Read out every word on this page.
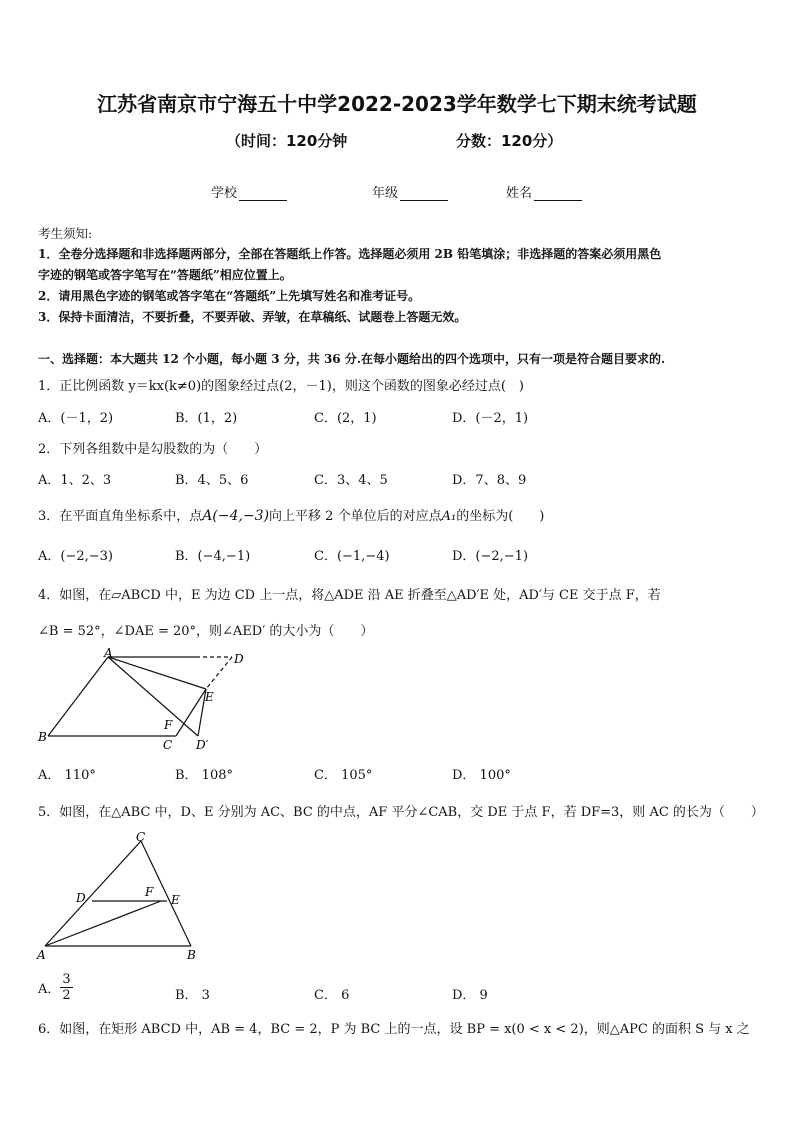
江苏省南京市宁海五十中学2022-2023学年数学七下期末统考试题
（时间：120分钟	分数：120分）
学校	年级	姓名
考生须知:
1．全卷分选择题和非选择题两部分，全部在答题纸上作答。选择题必须用 2B 铅笔填涂；非选择题的答案必须用黑色
字迹的钢笔或答字笔写在“答题纸”相应位置上。
2．请用黑色字迹的钢笔或答字笔在“答题纸”上先填写姓名和准考证号。
3．保持卡面清洁，不要折叠，不要弄破、弄皱，在草稿纸、试题卷上答题无效。
一、选择题：本大题共 12 个小题，每小题 3 分，共 36 分.在每小题给出的四个选项中，只有一项是符合题目要求的.
1．正比例函数 y＝kx(k≠0)的图象经过点(2，－1)，则这个函数的图象必经过点(　)
A．(－1，2)	B．(1，2)	C．(2，1)	D．(－2，1)
2．下列各组数中是勾股数的为（　　）
A．1、2、3	B．4、5、6	C．3、4、5	D．7、8、9
3．在平面直角坐标系中，点A(−4,−3)向上平移 2 个单位后的对应点A₁的坐标为(　　)
A．(−2,−3)	B．(−4,−1)	C．(−1,−4)	D．(−2,−1)
4．如图，在▱ABCD 中，E 为边 CD 上一点，将△ADE 沿 AE 折叠至△AD′E 处，AD′与 CE 交于点 F，若
∠B = 52°，∠DAE = 20°，则∠AED′ 的大小为（　　）
A	D
E
F
B
C D′
A． 110°	B． 108°	C． 105°	D． 100°
5．如图，在△ABC 中，D、E 分别为 AC、BC 的中点，AF 平分∠CAB，交 DE 于点 F，若 DF=3，则 AC 的长为（　　）
C
D	F
E
A	B
A． $\frac{3}{2}$	B． 3	C． 6	D． 9
6．如图，在矩形 ABCD 中，AB = 4，BC = 2，P 为 BC 上的一点，设 BP = x(0 < x < 2)，则△APC 的面积 S 与 x 之
